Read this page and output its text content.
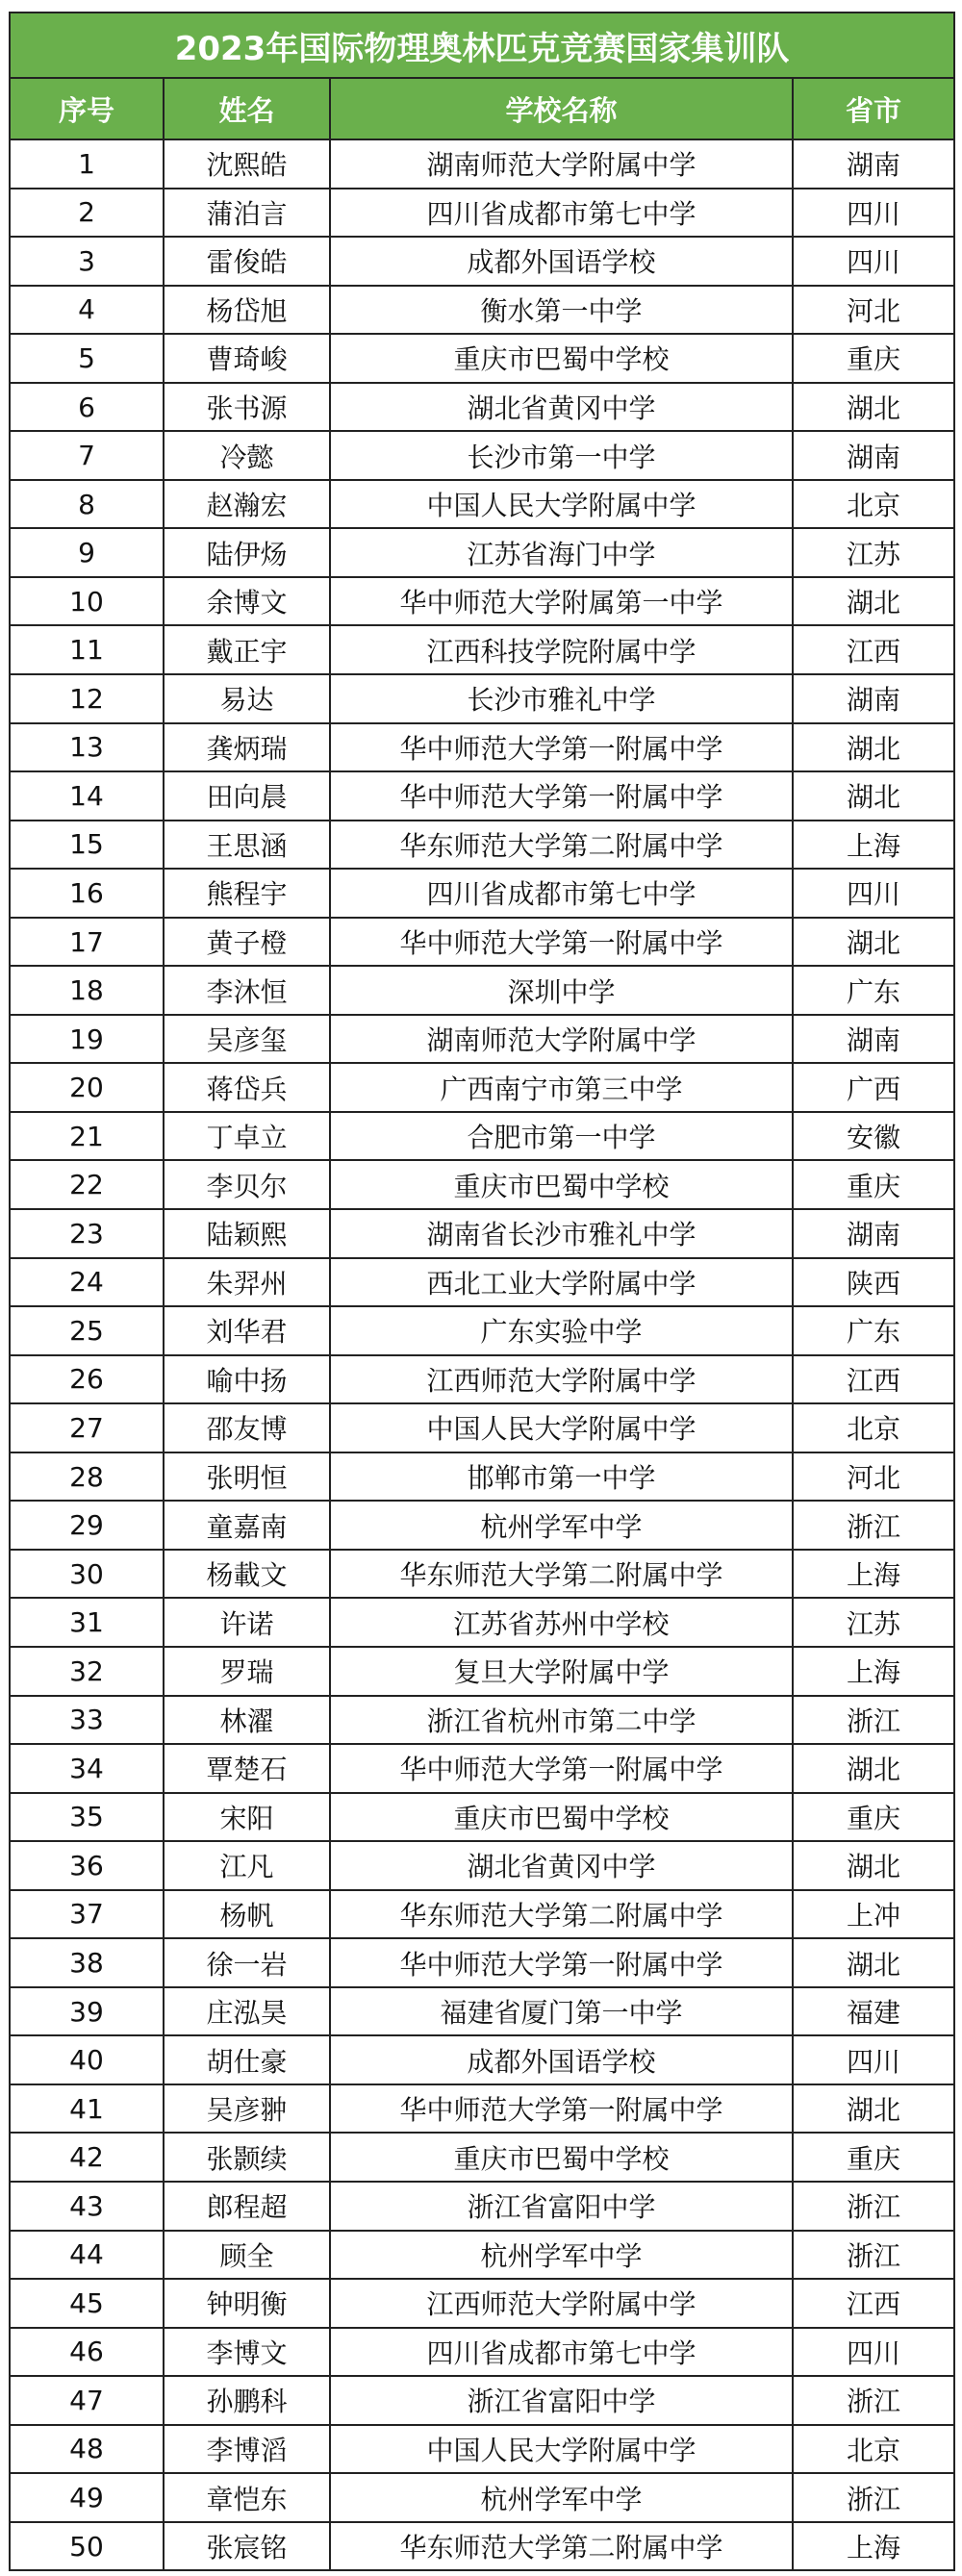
2023年国际物理奥林匹克竞赛国家集训队			
序号	姓名	学校名称	省市
1	沈熙皓	湖南师范大学附属中学	湖南
2	蒲泊言	四川省成都市第七中学	四川
3	雷俊皓	成都外国语学校	四川
4	杨岱旭	衡水第一中学	河北
5	曹琦峻	重庆市巴蜀中学校	重庆
6	张书源	湖北省黄冈中学	湖北
7	冷懿	长沙市第一中学	湖南
8	赵瀚宏	中国人民大学附属中学	北京
9	陆伊炀	江苏省海门中学	江苏
10	余博文	华中师范大学附属第一中学	湖北
11	戴正宇	江西科技学院附属中学	江西
12	易达	长沙市雅礼中学	湖南
13	龚炳瑞	华中师范大学第一附属中学	湖北
14	田向晨	华中师范大学第一附属中学	湖北
15	王思涵	华东师范大学第二附属中学	上海
16	熊程宇	四川省成都市第七中学	四川
17	黄子橙	华中师范大学第一附属中学	湖北
18	李沐恒	深圳中学	广东
19	吴彦玺	湖南师范大学附属中学	湖南
20	蒋岱兵	广西南宁市第三中学	广西
21	丁卓立	合肥市第一中学	安徽
22	李贝尔	重庆市巴蜀中学校	重庆
23	陆颖熙	湖南省长沙市雅礼中学	湖南
24	朱羿州	西北工业大学附属中学	陕西
25	刘华君	广东实验中学	广东
26	喻中扬	江西师范大学附属中学	江西
27	邵友博	中国人民大学附属中学	北京
28	张明恒	邯郸市第一中学	河北
29	童嘉南	杭州学军中学	浙江
30	杨載文	华东师范大学第二附属中学	上海
31	许诺	江苏省苏州中学校	江苏
32	罗瑞	复旦大学附属中学	上海
33	林濯	浙江省杭州市第二中学	浙江
34	覃楚石	华中师范大学第一附属中学	湖北
35	宋阳	重庆市巴蜀中学校	重庆
36	江凡	湖北省黄冈中学	湖北
37	杨帆	华东师范大学第二附属中学	上冲
38	徐一岩	华中师范大学第一附属中学	湖北
39	庄泓昊	福建省厦门第一中学	福建
40	胡仕豪	成都外国语学校	四川
41	吴彦翀	华中师范大学第一附属中学	湖北
42	张颢续	重庆市巴蜀中学校	重庆
43	郎程超	浙江省富阳中学	浙江
44	顾全	杭州学军中学	浙江
45	钟明衡	江西师范大学附属中学	江西
46	李博文	四川省成都市第七中学	四川
47	孙鹏科	浙江省富阳中学	浙江
48	李博滔	中国人民大学附属中学	北京
49	章恺东	杭州学军中学	浙江
50	张宸铭	华东师范大学第二附属中学	上海
